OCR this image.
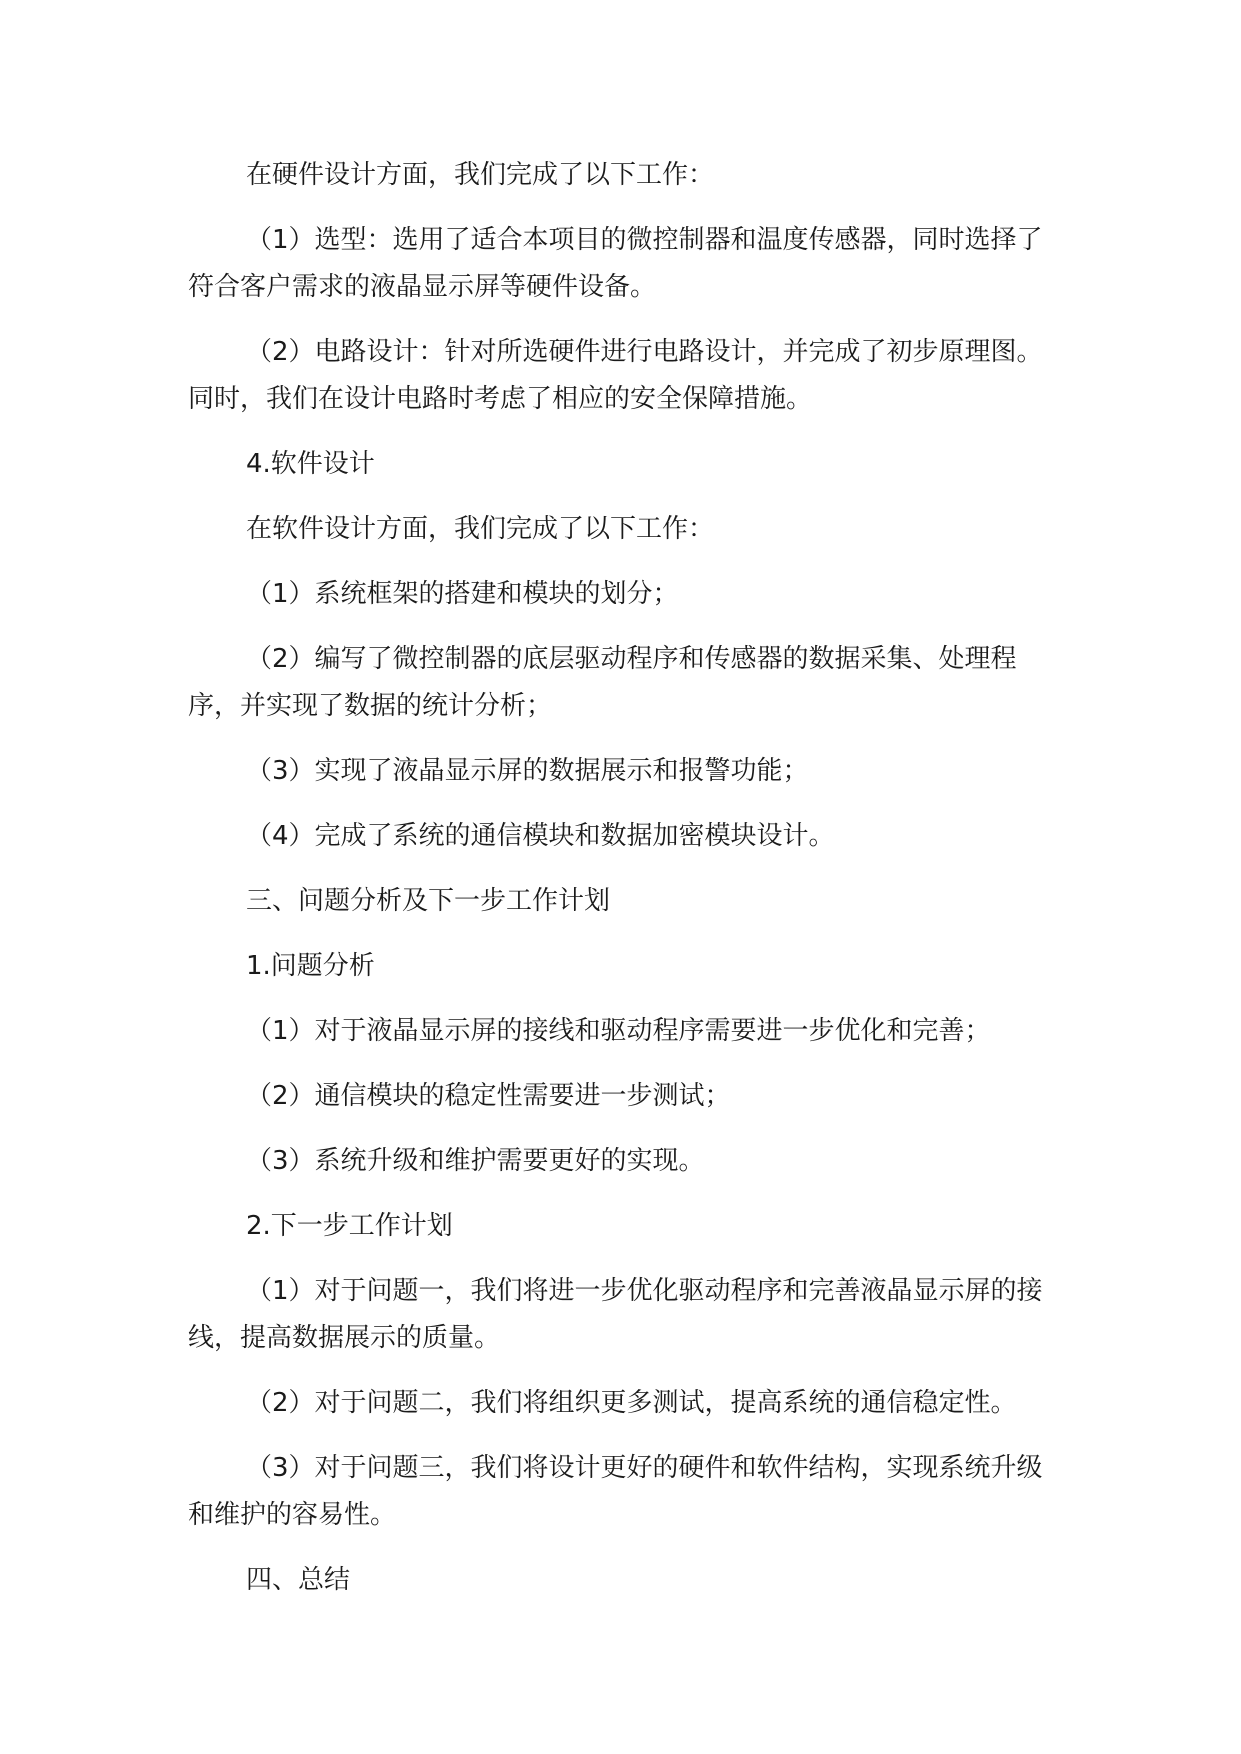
在硬件设计方面，我们完成了以下工作：

（1）选型：选用了适合本项目的微控制器和温度传感器，同时选择了符合客户需求的液晶显示屏等硬件设备。

（2）电路设计：针对所选硬件进行电路设计，并完成了初步原理图。同时，我们在设计电路时考虑了相应的安全保障措施。

4.软件设计

在软件设计方面，我们完成了以下工作：

（1）系统框架的搭建和模块的划分；

（2）编写了微控制器的底层驱动程序和传感器的数据采集、处理程序，并实现了数据的统计分析；

（3）实现了液晶显示屏的数据展示和报警功能；

（4）完成了系统的通信模块和数据加密模块设计。

三、问题分析及下一步工作计划

1.问题分析

（1）对于液晶显示屏的接线和驱动程序需要进一步优化和完善；

（2）通信模块的稳定性需要进一步测试；

（3）系统升级和维护需要更好的实现。

2.下一步工作计划

（1）对于问题一，我们将进一步优化驱动程序和完善液晶显示屏的接线，提高数据展示的质量。

（2）对于问题二，我们将组织更多测试，提高系统的通信稳定性。

（3）对于问题三，我们将设计更好的硬件和软件结构，实现系统升级和维护的容易性。

四、总结
